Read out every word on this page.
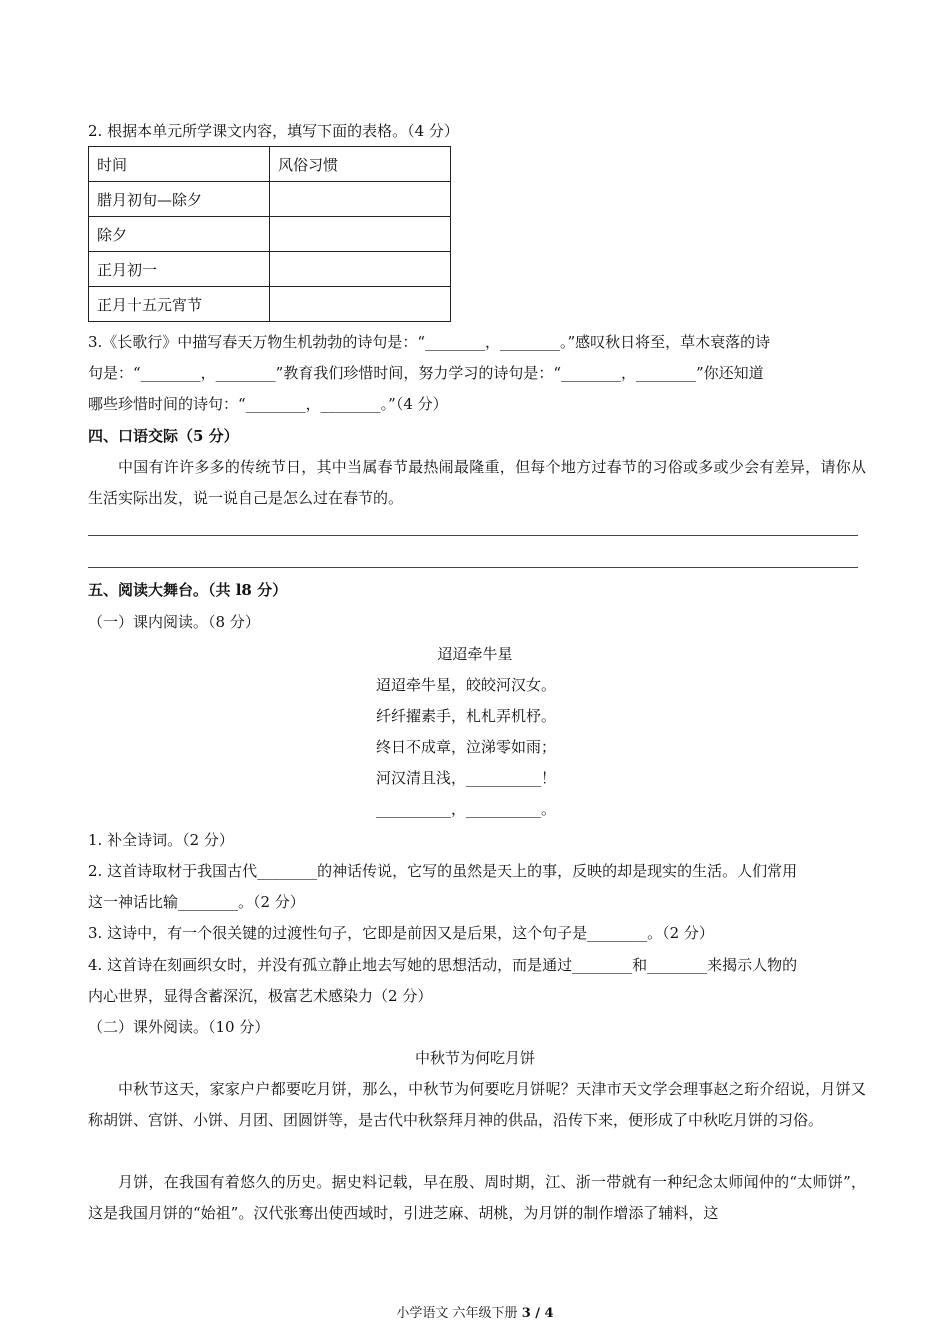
2. 根据本单元所学课文内容，填写下面的表格。（4 分）
时间	风俗习惯
腊月初旬—除夕	
除夕	
正月初一	
正月十五元宵节	
3.《长歌行》中描写春天万物生机勃勃的诗句是：“________，________。”感叹秋日将至，草木衰落的诗
句是：“________，________”教育我们珍惜时间，努力学习的诗句是：“________，________”你还知道
哪些珍惜时间的诗句：“________，________。”（4 分）
四、口语交际（5 分）
中国有许许多多的传统节日，其中当属春节最热闹最隆重，但每个地方过春节的习俗或多或少会有差异，请你从生活实际出发，说一说自己是怎么过在春节的。
五、阅读大舞台。（共 l8 分）
（一）课内阅读。（8 分）
迢迢牵牛星
迢迢牵牛星，皎皎河汉女。
纤纤擢素手，札札弄机杼。
终日不成章，泣涕零如雨；
河汉清且浅，__________！
__________，__________。
1. 补全诗词。（2 分）
2. 这首诗取材于我国古代________的神话传说，它写的虽然是天上的事，反映的却是现实的生活。人们常用
这一神话比输________。（2 分）
3. 这诗中，有一个很关键的过渡性句子，它即是前因又是后果，这个句子是________。（2 分）
4. 这首诗在刻画织女时，并没有孤立静止地去写她的思想活动，而是通过________和________来揭示人物的
内心世界，显得含蓄深沉，极富艺术感染力（2 分）
（二）课外阅读。（10 分）
中秋节为何吃月饼
中秋节这天，家家户户都要吃月饼，那么，中秋节为何要吃月饼呢？天津市天文学会理事赵之珩介绍说，月饼又称胡饼、宫饼、小饼、月团、团圆饼等，是古代中秋祭拜月神的供品，沿传下来，便形成了中秋吃月饼的习俗。
月饼，在我国有着悠久的历史。据史料记载，早在殷、周时期，江、浙一带就有一种纪念太师闻仲的“太师饼”，这是我国月饼的“始祖”。汉代张骞出使西域时，引进芝麻、胡桃，为月饼的制作增添了辅料，这
小学语文 六年级下册 3 / 4
